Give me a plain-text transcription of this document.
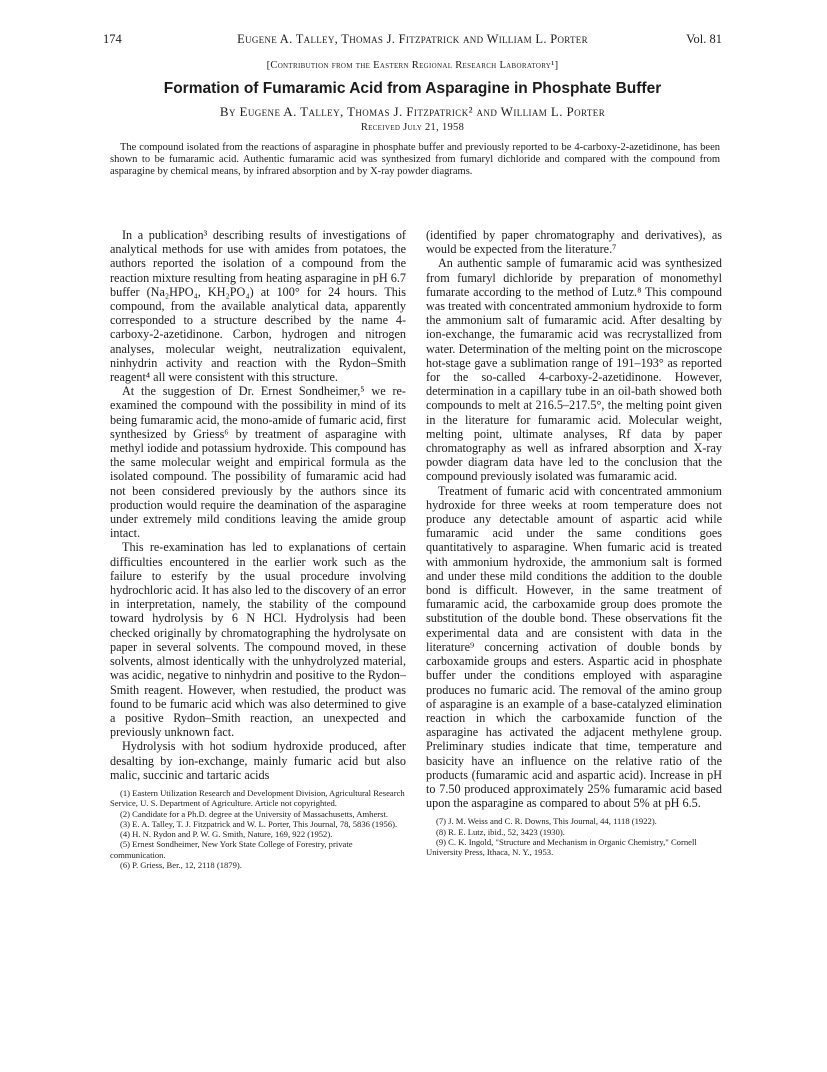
174	Eugene A. Talley, Thomas J. Fitzpatrick and William L. Porter	Vol. 81
[Contribution from the Eastern Regional Research Laboratory¹]
Formation of Fumaramic Acid from Asparagine in Phosphate Buffer
By Eugene A. Talley, Thomas J. Fitzpatrick² and William L. Porter
Received July 21, 1958
The compound isolated from the reactions of asparagine in phosphate buffer and previously reported to be 4-carboxy-2-azetidinone, has been shown to be fumaramic acid. Authentic fumaramic acid was synthesized from fumaryl dichloride and compared with the compound from asparagine by chemical means, by infrared absorption and by X-ray powder diagrams.

In a publication³ describing results of investigations of analytical methods for use with amides from potatoes, the authors reported the isolation of a compound from the reaction mixture resulting from heating asparagine in pH 6.7 buffer (Na₂HPO₄, KH₂PO₄) at 100° for 24 hours. This compound, from the available analytical data, apparently corresponded to a structure described by the name 4-carboxy-2-azetidinone. Carbon, hydrogen and nitrogen analyses, molecular weight, neutralization equivalent, ninhydrin activity and reaction with the Rydon–Smith reagent⁴ all were consistent with this structure.

At the suggestion of Dr. Ernest Sondheimer,⁵ we re-examined the compound with the possibility in mind of its being fumaramic acid, the mono-amide of fumaric acid, first synthesized by Griess⁶ by treatment of asparagine with methyl iodide and potassium hydroxide. This compound has the same molecular weight and empirical formula as the isolated compound. The possibility of fumaramic acid had not been considered previously by the authors since its production would require the deamination of the asparagine under extremely mild conditions leaving the amide group intact.

This re-examination has led to explanations of certain difficulties encountered in the earlier work such as the failure to esterify by the usual procedure involving hydrochloric acid. It has also led to the discovery of an error in interpretation, namely, the stability of the compound toward hydrolysis by 6 N HCl. Hydrolysis had been checked originally by chromatographing the hydrolysate on paper in several solvents. The compound moved, in these solvents, almost identically with the unhydrolyzed material, was acidic, negative to ninhydrin and positive to the Rydon–Smith reagent. However, when restudied, the product was found to be fumaric acid which was also determined to give a positive Rydon–Smith reaction, an unexpected and previously unknown fact.

Hydrolysis with hot sodium hydroxide produced, after desalting by ion-exchange, mainly fumaric acid but also malic, succinic and tartaric acids

(1) Eastern Utilization Research and Development Division, Agricultural Research Service, U. S. Department of Agriculture. Article not copyrighted.
(2) Candidate for a Ph.D. degree at the University of Massachusetts, Amherst.
(3) E. A. Talley, T. J. Fitzpatrick and W. L. Porter, This Journal, 78, 5836 (1956).
(4) H. N. Rydon and P. W. G. Smith, Nature, 169, 922 (1952).
(5) Ernest Sondheimer, New York State College of Forestry, private communication.
(6) P. Griess, Ber., 12, 2118 (1879).

(identified by paper chromatography and derivatives), as would be expected from the literature.⁷

An authentic sample of fumaramic acid was synthesized from fumaryl dichloride by preparation of monomethyl fumarate according to the method of Lutz.⁸ This compound was treated with concentrated ammonium hydroxide to form the ammonium salt of fumaramic acid. After desalting by ion-exchange, the fumaramic acid was recrystallized from water. Determination of the melting point on the microscope hot-stage gave a sublimation range of 191–193° as reported for the so-called 4-carboxy-2-azetidinone. However, determination in a capillary tube in an oil-bath showed both compounds to melt at 216.5–217.5°, the melting point given in the literature for fumaramic acid. Molecular weight, melting point, ultimate analyses, Rf data by paper chromatography as well as infrared absorption and X-ray powder diagram data have led to the conclusion that the compound previously isolated was fumaramic acid.

Treatment of fumaric acid with concentrated ammonium hydroxide for three weeks at room temperature does not produce any detectable amount of aspartic acid while fumaramic acid under the same conditions goes quantitatively to asparagine. When fumaric acid is treated with ammonium hydroxide, the ammonium salt is formed and under these mild conditions the addition to the double bond is difficult. However, in the same treatment of fumaramic acid, the carboxamide group does promote the substitution of the double bond. These observations fit the experimental data and are consistent with data in the literature⁹ concerning activation of double bonds by carboxamide groups and esters. Aspartic acid in phosphate buffer under the conditions employed with asparagine produces no fumaric acid. The removal of the amino group of asparagine is an example of a base-catalyzed elimination reaction in which the carboxamide function of the asparagine has activated the adjacent methylene group. Preliminary studies indicate that time, temperature and basicity have an influence on the relative ratio of the products (fumaramic acid and aspartic acid). Increase in pH to 7.50 produced approximately 25% fumaramic acid based upon the asparagine as compared to about 5% at pH 6.5.

(7) J. M. Weiss and C. R. Downs, This Journal, 44, 1118 (1922).
(8) R. E. Lutz, ibid., 52, 3423 (1930).
(9) C. K. Ingold, "Structure and Mechanism in Organic Chemistry," Cornell University Press, Ithaca, N. Y., 1953.
